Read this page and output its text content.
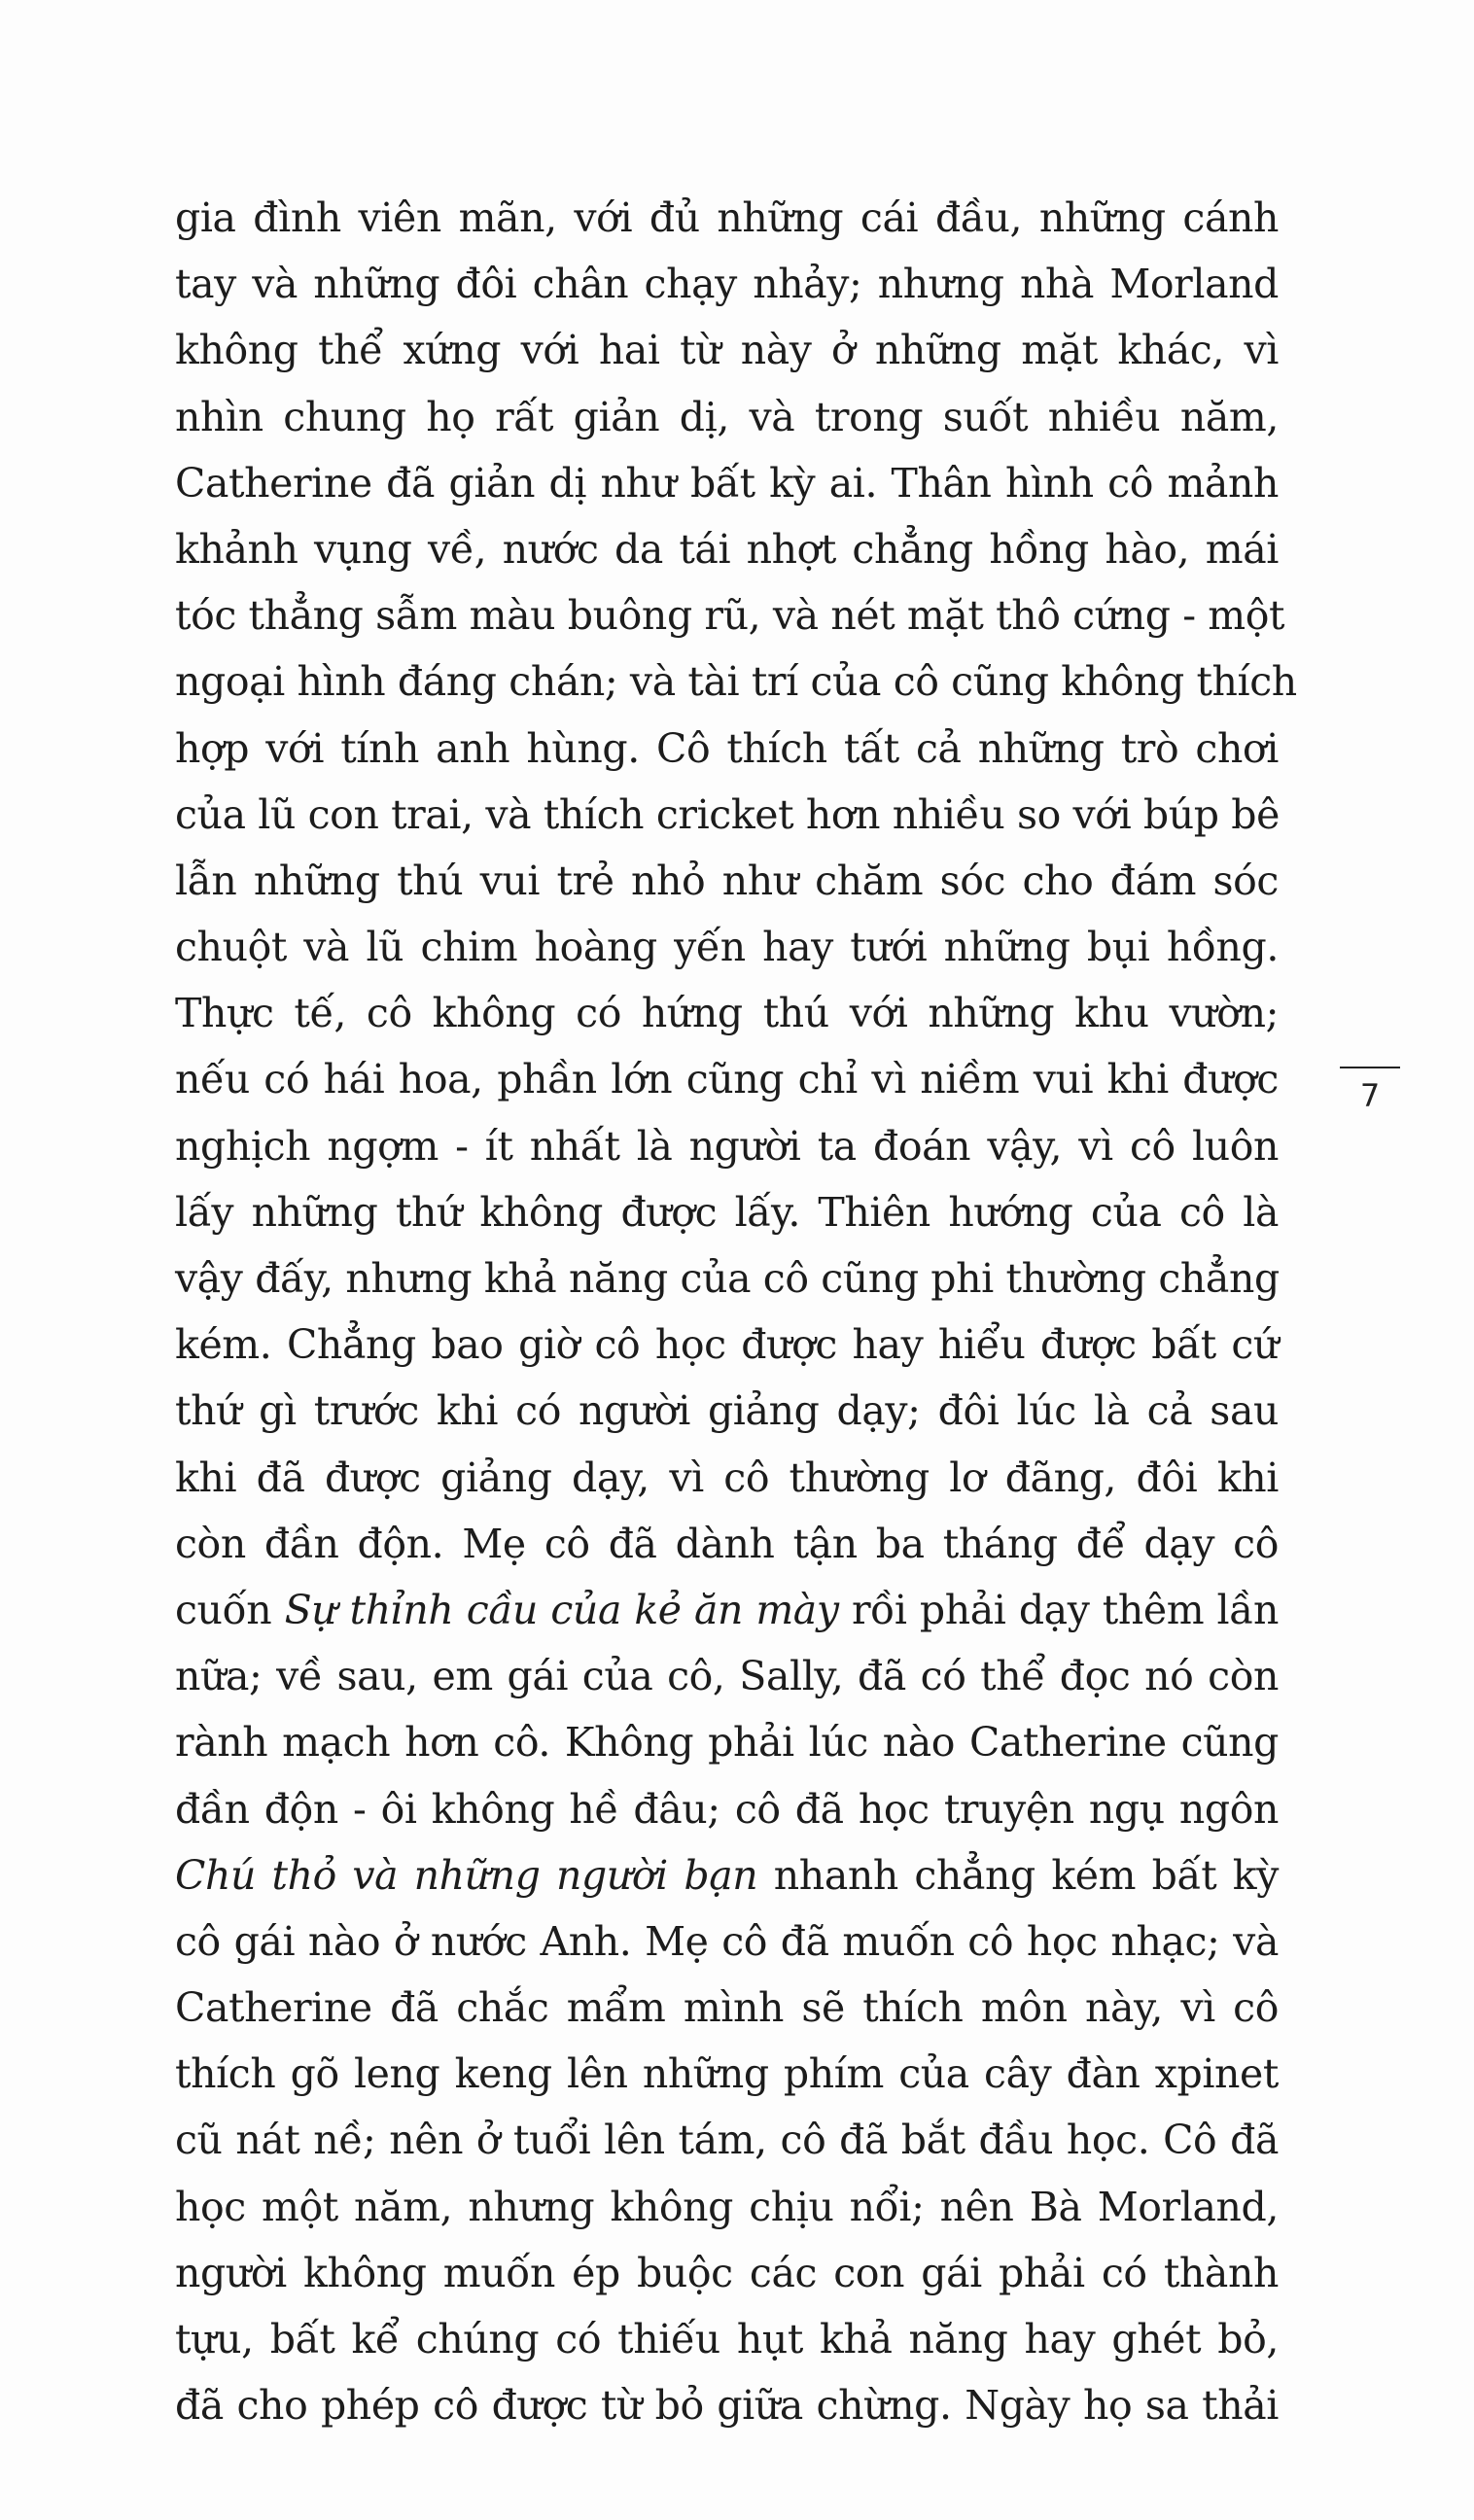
gia đình viên mãn, với đủ những cái đầu, những cánh
tay và những đôi chân chạy nhảy; nhưng nhà Morland
không thể xứng với hai từ này ở những mặt khác, vì
nhìn chung họ rất giản dị, và trong suốt nhiều năm,
Catherine đã giản dị như bất kỳ ai. Thân hình cô mảnh
khảnh vụng về, nước da tái nhợt chẳng hồng hào, mái
tóc thẳng sẫm màu buông rũ, và nét mặt thô cứng - một
ngoại hình đáng chán; và tài trí của cô cũng không thích
hợp với tính anh hùng. Cô thích tất cả những trò chơi
của lũ con trai, và thích cricket hơn nhiều so với búp bê
lẫn những thú vui trẻ nhỏ như chăm sóc cho đám sóc
chuột và lũ chim hoàng yến hay tưới những bụi hồng.
Thực tế, cô không có hứng thú với những khu vườn;
nếu có hái hoa, phần lớn cũng chỉ vì niềm vui khi được
nghịch ngợm - ít nhất là người ta đoán vậy, vì cô luôn
lấy những thứ không được lấy. Thiên hướng của cô là
vậy đấy, nhưng khả năng của cô cũng phi thường chẳng
kém. Chẳng bao giờ cô học được hay hiểu được bất cứ
thứ gì trước khi có người giảng dạy; đôi lúc là cả sau
khi đã được giảng dạy, vì cô thường lơ đãng, đôi khi
còn đần độn. Mẹ cô đã dành tận ba tháng để dạy cô
cuốn Sự thỉnh cầu của kẻ ăn mày rồi phải dạy thêm lần
nữa; về sau, em gái của cô, Sally, đã có thể đọc nó còn
rành mạch hơn cô. Không phải lúc nào Catherine cũng
đần độn - ôi không hề đâu; cô đã học truyện ngụ ngôn
Chú thỏ và những người bạn nhanh chẳng kém bất kỳ
cô gái nào ở nước Anh. Mẹ cô đã muốn cô học nhạc; và
Catherine đã chắc mẩm mình sẽ thích môn này, vì cô
thích gõ leng keng lên những phím của cây đàn xpinet
cũ nát nề; nên ở tuổi lên tám, cô đã bắt đầu học. Cô đã
học một năm, nhưng không chịu nổi; nên Bà Morland,
người không muốn ép buộc các con gái phải có thành
tựu, bất kể chúng có thiếu hụt khả năng hay ghét bỏ,
đã cho phép cô được từ bỏ giữa chừng. Ngày họ sa thải
7
